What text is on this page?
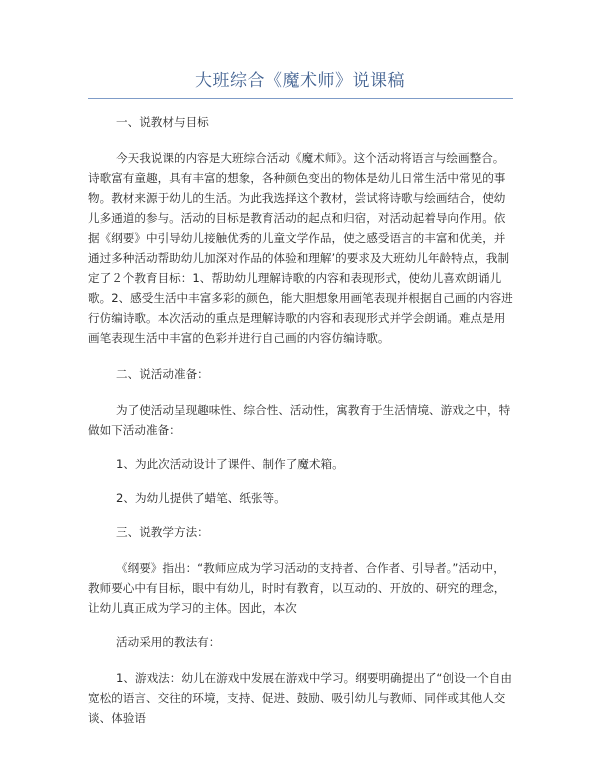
大班综合《魔术师》说课稿

一、说教材与目标

今天我说课的内容是大班综合活动《魔术师》。这个活动将语言与绘画整合。诗歌富有童趣，具有丰富的想象，各种颜色变出的物体是幼儿日常生活中常见的事物。教材来源于幼儿的生活。为此我选择这个教材，尝试将诗歌与绘画结合，使幼儿多通道的参与。活动的目标是教育活动的起点和归宿，对活动起着导向作用。依据《纲要》中引导幼儿接触优秀的儿童文学作品，使之感受语言的丰富和优美，并通过多种活动帮助幼儿加深对作品的体验和理解’的要求及大班幼儿年龄特点，我制定了２个教育目标：1、帮助幼儿理解诗歌的内容和表现形式，使幼儿喜欢朗诵儿歌。2、感受生活中丰富多彩的颜色，能大胆想象用画笔表现并根据自己画的内容进行仿编诗歌。本次活动的重点是理解诗歌的内容和表现形式并学会朗诵。难点是用画笔表现生活中丰富的色彩并进行自己画的内容仿编诗歌。

二、说活动准备：

为了使活动呈现趣味性、综合性、活动性，寓教育于生活情境、游戏之中，特做如下活动准备：

1、为此次活动设计了课件、制作了魔术箱。

2、为幼儿提供了蜡笔、纸张等。

三、说教学方法：

《纲要》指出：“教师应成为学习活动的支持者、合作者、引导者。”活动中，教师要心中有目标，眼中有幼儿，时时有教育，以互动的、开放的、研究的理念，让幼儿真正成为学习的主体。因此，本次

活动采用的教法有：

1、游戏法：幼儿在游戏中发展在游戏中学习。纲要明确提出了“创设一个自由宽松的语言、交往的环境，支持、促进、鼓励、吸引幼儿与教师、同伴或其他人交谈、体验语
